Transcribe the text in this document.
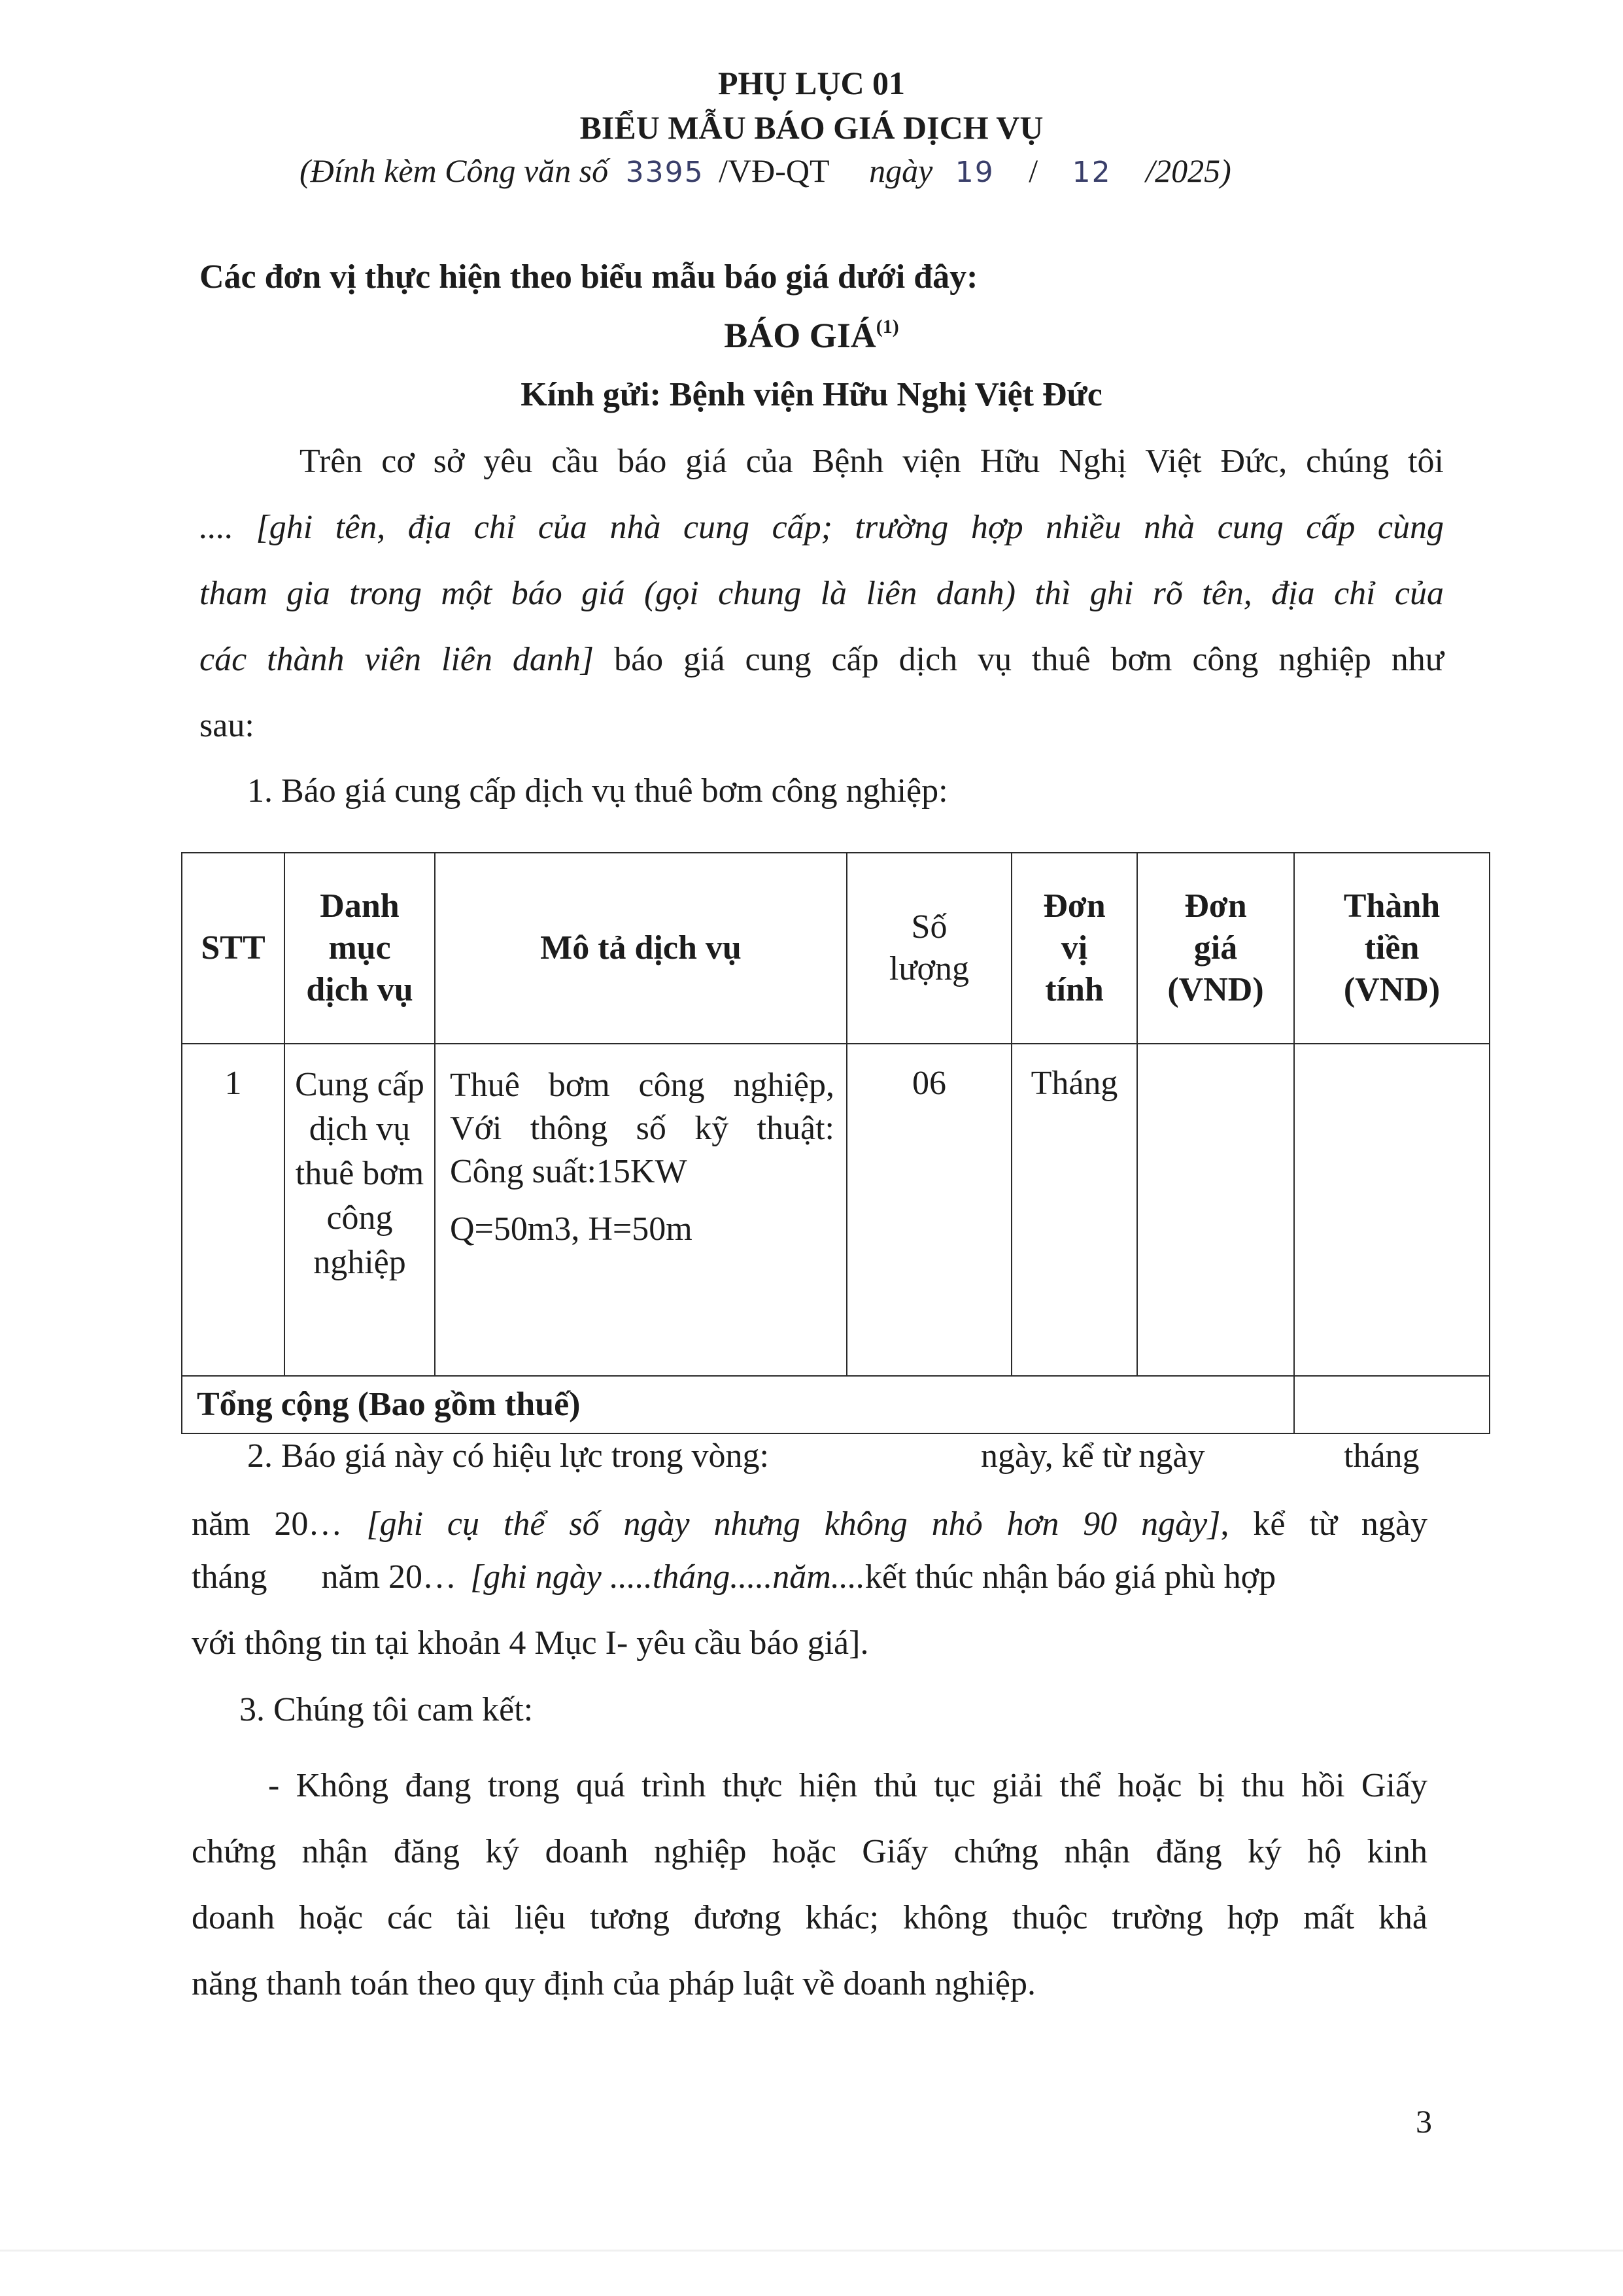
PHỤ LỤC 01
BIỂU MẪU BÁO GIÁ DỊCH VỤ
(Đính kèm Công văn số 3395 /VĐ-QT ngày 19 / 12 /2025)
Các đơn vị thực hiện theo biểu mẫu báo giá dưới đây:
BÁO GIÁ$^{(1)}$
Kính gửi: Bệnh viện Hữu Nghị Việt Đức
Trên cơ sở yêu cầu báo giá của Bệnh viện Hữu Nghị Việt Đức, chúng tôi
.... [ghi tên, địa chỉ của nhà cung cấp; trường hợp nhiều nhà cung cấp cùng
tham gia trong một báo giá (gọi chung là liên danh) thì ghi rõ tên, địa chỉ của
các thành viên liên danh] báo giá cung cấp dịch vụ thuê bơm công nghiệp như
sau:
1. Báo giá cung cấp dịch vụ thuê bơm công nghiệp:
STT	Danh mục dịch vụ	Mô tả dịch vụ	Số lượng	Đơn vị tính	Đơn giá (VND)	Thành tiền (VND)
1	Cung cấp dịch vụ thuê bơm công nghiệp	Thuê bơm công nghiệp,
Với thông số kỹ thuật:
Công suất:15KW
Q=50m3, H=50m	06	Tháng		
Tổng cộng (Bao gồm thuế)						
2. Báo giá này có hiệu lực trong vòng:	ngày, kể từ ngày	tháng
năm 20… [ghi cụ thể số ngày nhưng không nhỏ hơn 90 ngày], kể từ ngày
tháng năm 20… [ghi ngày .....tháng.....năm....kết thúc nhận báo giá phù hợp
với thông tin tại khoản 4 Mục I- yêu cầu báo giá].
3. Chúng tôi cam kết:
- Không đang trong quá trình thực hiện thủ tục giải thể hoặc bị thu hồi Giấy
chứng nhận đăng ký doanh nghiệp hoặc Giấy chứng nhận đăng ký hộ kinh
doanh hoặc các tài liệu tương đương khác; không thuộc trường hợp mất khả
năng thanh toán theo quy định của pháp luật về doanh nghiệp.
3
